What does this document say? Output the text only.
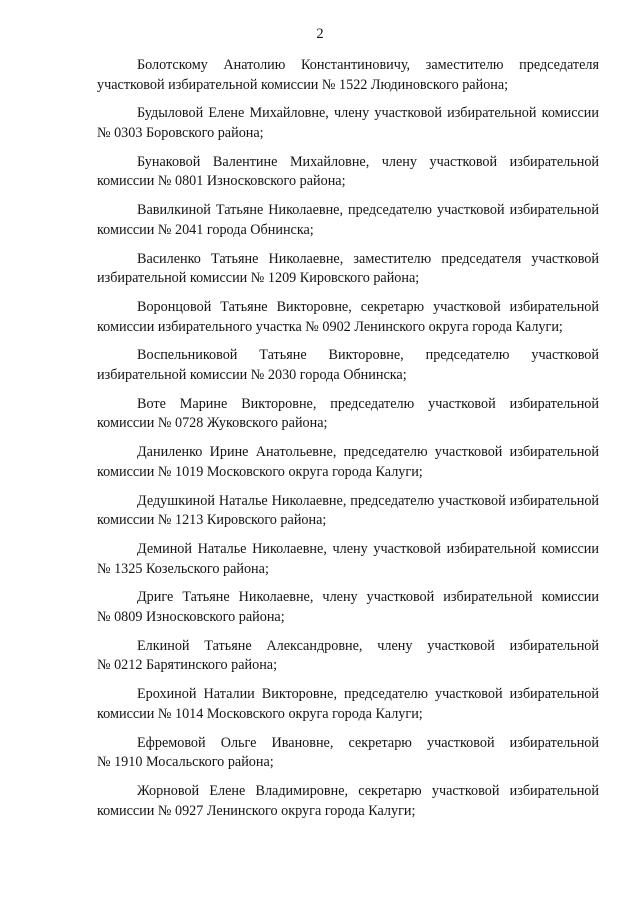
2
Болотскому Анатолию Константиновичу, заместителю председателя
участковой избирательной комиссии № 1522 Людиновского района;
Будыловой Елене Михайловне, члену участковой избирательной комиссии
№ 0303 Боровского района;
Бунаковой Валентине Михайловне, члену участковой избирательной
комиссии № 0801 Износковского района;
Вавилкиной Татьяне Николаевне, председателю участковой избирательной
комиссии № 2041 города Обнинска;
Василенко Татьяне Николаевне, заместителю председателя участковой
избирательной комиссии № 1209 Кировского района;
Воронцовой Татьяне Викторовне, секретарю участковой избирательной
комиссии избирательного участка № 0902 Ленинского округа города Калуги;
Воспельниковой Татьяне Викторовне, председателю участковой
избирательной комиссии № 2030 города Обнинска;
Воте Марине Викторовне, председателю участковой избирательной
комиссии № 0728 Жуковского района;
Даниленко Ирине Анатольевне, председателю участковой избирательной
комиссии № 1019 Московского округа города Калуги;
Дедушкиной Наталье Николаевне, председателю участковой избирательной
комиссии № 1213 Кировского района;
Деминой Наталье Николаевне, члену участковой избирательной комиссии
№ 1325 Козельского района;
Дриге Татьяне Николаевне, члену участковой избирательной комиссии
№ 0809 Износковского района;
Елкиной Татьяне Александровне, члену участковой избирательной
№ 0212 Барятинского района;
Ерохиной Наталии Викторовне, председателю участковой избирательной
комиссии № 1014 Московского округа города Калуги;
Ефремовой Ольге Ивановне, секретарю участковой избирательной
№ 1910 Мосальского района;
Жорновой Елене Владимировне, секретарю участковой избирательной
комиссии № 0927 Ленинского округа города Калуги;
